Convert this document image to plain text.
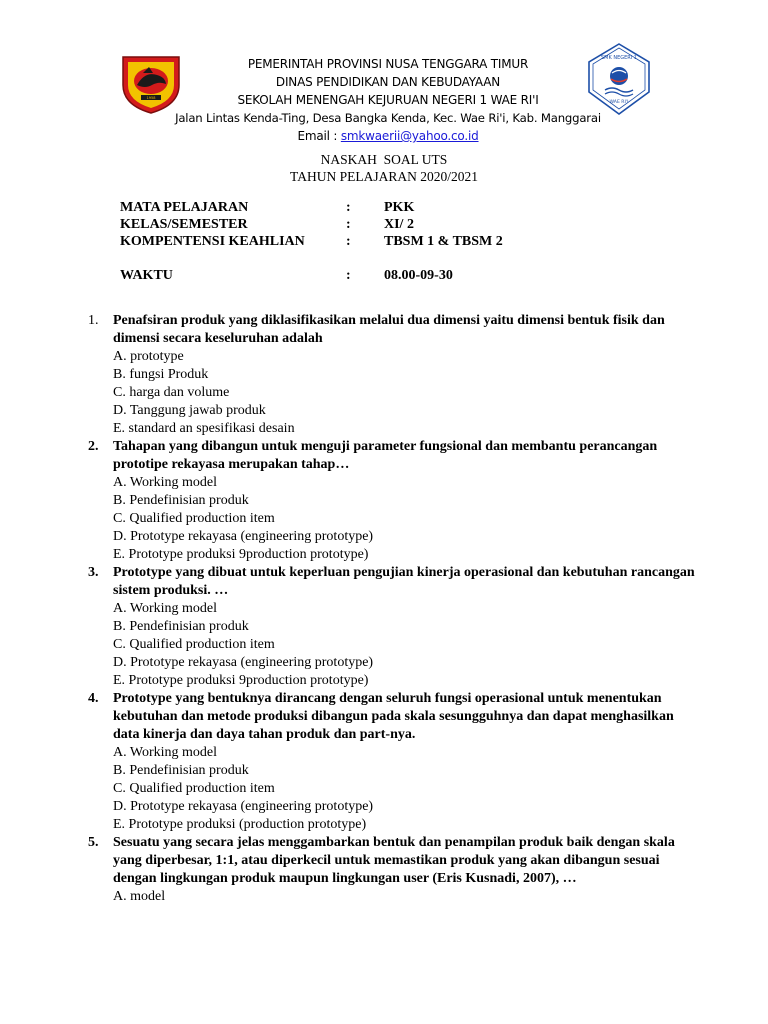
1958
SMK NEGERI 1
WAE RI'I
PEMERINTAH PROVINSI NUSA TENGGARA TIMUR
DINAS PENDIDIKAN DAN KEBUDAYAAN
SEKOLAH MENENGAH KEJURUAN NEGERI 1 WAE RI'I
Jalan Lintas Kenda-Ting, Desa Bangka Kenda, Kec. Wae Ri'i, Kab. Manggarai
Email : smkwaerii@yahoo.co.id
NASKAH  SOAL UTS
TAHUN PELAJARAN 2020/2021
MATA PELAJARAN	:	PKK
KELAS/SEMESTER	:	XI/ 2
KOMPENTENSI KEAHLIAN	:	TBSM 1 & TBSM 2
WAKTU	:	08.00-09-30
1.	Penafsiran produk yang diklasifikasikan melalui dua dimensi yaitu dimensi bentuk fisik dan dimensi secara keseluruhan adalah
A. prototype
B. fungsi Produk
C. harga dan volume
D. Tanggung jawab produk
E. standard an spesifikasi desain
2.	Tahapan yang dibangun untuk menguji parameter fungsional dan membantu perancangan prototipe rekayasa merupakan tahap…
A. Working model
B. Pendefinisian produk
C. Qualified production item
D. Prototype rekayasa (engineering prototype)
E. Prototype produksi 9production prototype)
3.	Prototype yang dibuat untuk keperluan pengujian kinerja operasional dan kebutuhan rancangan sistem produksi. …
A. Working model
B. Pendefinisian produk
C. Qualified production item
D. Prototype rekayasa (engineering prototype)
E. Prototype produksi 9production prototype)
4.	Prototype yang bentuknya dirancang dengan seluruh fungsi operasional untuk menentukan kebutuhan dan metode produksi dibangun pada skala sesungguhnya dan dapat menghasilkan data kinerja dan daya tahan produk dan part-nya.
A. Working model
B. Pendefinisian produk
C. Qualified production item
D. Prototype rekayasa (engineering prototype)
E. Prototype produksi (production prototype)
5.	Sesuatu yang secara jelas menggambarkan bentuk dan penampilan produk baik dengan skala yang diperbesar, 1:1, atau diperkecil untuk memastikan produk yang akan dibangun sesuai dengan lingkungan produk maupun lingkungan user (Eris Kusnadi, 2007), …
A. model
